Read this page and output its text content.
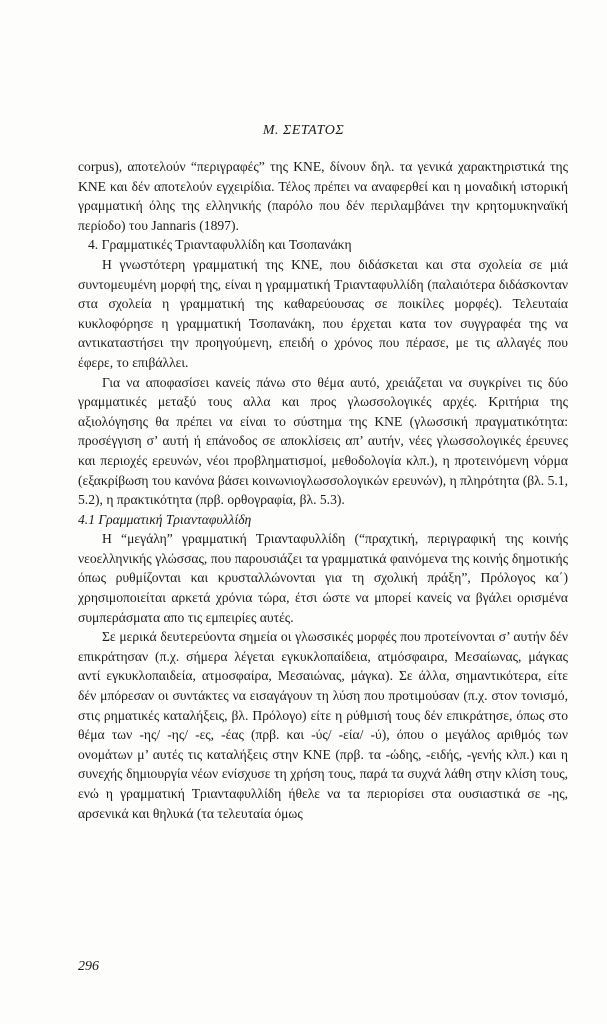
Μ. ΣΕΤΑΤΟΣ

corpus), αποτελούν “περιγραφές” της ΚΝΕ, δίνουν δηλ. τα γενικά χαρακτηριστικά της ΚΝΕ και δέν αποτελούν εγχειρίδια. Τέλος πρέπει να αναφερθεί και η μοναδική ιστορική γραμματική όλης της ελληνικής (παρόλο που δέν περιλαμβάνει την κρητομυκηναϊκή περίοδο) του Jannaris (1897).

4. Γραμματικές Τριανταφυλλίδη και Τσοπανάκη

Η γνωστότερη γραμματική της ΚΝΕ, που διδάσκεται και στα σχολεία σε μιά συντομευμένη μορφή της, είναι η γραμματική Τριανταφυλλίδη (παλαιότερα διδάσκονταν στα σχολεία η γραμματική της καθαρεύουσας σε ποικίλες μορφές). Τελευταία κυκλοφόρησε η γραμματική Τσοπανάκη, που έρχεται κατα τον συγγραφέα της να αντικαταστήσει την προηγούμενη, επειδή ο χρόνος που πέρασε, με τις αλλαγές που έφερε, το επιβάλλει.

Για να αποφασίσει κανείς πάνω στο θέμα αυτό, χρειάζεται να συγκρίνει τις δύο γραμματικές μεταξύ τους αλλα και προς γλωσσολογικές αρχές. Κριτήρια της αξιολόγησης θα πρέπει να είναι το σύστημα της ΚΝΕ (γλωσσική πραγματικότητα: προσέγγιση σ’ αυτή ή επάνοδος σε αποκλίσεις απ’ αυτήν, νέες γλωσσολογικές έρευνες και περιοχές ερευνών, νέοι προβληματισμοί, μεθοδολογία κλπ.), η προτεινόμενη νόρμα (εξακρίβωση του κανόνα βάσει κοινωνιογλωσσολογικών ερευνών), η πληρότητα (βλ. 5.1, 5.2), η πρακτικότητα (πρβ. ορθογραφία, βλ. 5.3).

4.1 Γραμματική Τριανταφυλλίδη

Η “μεγάλη” γραμματική Τριανταφυλλίδη (“πραχτική, περιγραφική της κοινής νεοελληνικής γλώσσας, που παρουσιάζει τα γραμματικά φαινόμενα της κοινής δημοτικής όπως ρυθμίζονται και κρυσταλλώνονται για τη σχολική πράξη”, Πρόλογος κα΄) χρησιμοποιείται αρκετά χρόνια τώρα, έτσι ώστε να μπορεί κανείς να βγάλει ορισμένα συμπεράσματα απο τις εμπειρίες αυτές.

Σε μερικά δευτερεύοντα σημεία οι γλωσσικές μορφές που προτείνονται σ’ αυτήν δέν επικράτησαν (π.χ. σήμερα λέγεται εγκυκλοπαίδεια, ατμόσφαιρα, Μεσαίωνας, μάγκας αντί εγκυκλοπαιδεία, ατμοσφαίρα, Μεσαιώνας, μάγκα). Σε άλλα, σημαντικότερα, είτε δέν μπόρεσαν οι συντάκτες να εισαγάγουν τη λύση που προτιμούσαν (π.χ. στον τονισμό, στις ρηματικές καταλήξεις, βλ. Πρόλογο) είτε η ρύθμισή τους δέν επικράτησε, όπως στο θέμα των -ης/ -ης/ -ες, -έας (πρβ. και -ύς/ -εία/ -ύ), όπου ο μεγάλος αριθμός των ονομάτων μ’ αυτές τις καταλήξεις στην ΚΝΕ (πρβ. τα -ώδης, -ειδής, -γενής κλπ.) και η συνεχής δημιουργία νέων ενίσχυσε τη χρήση τους, παρά τα συχνά λάθη στην κλίση τους, ενώ η γραμματική Τριανταφυλλίδη ήθελε να τα περιορίσει στα ουσιαστικά σε -ης, αρσενικά και θηλυκά (τα τελευταία όμως

296
